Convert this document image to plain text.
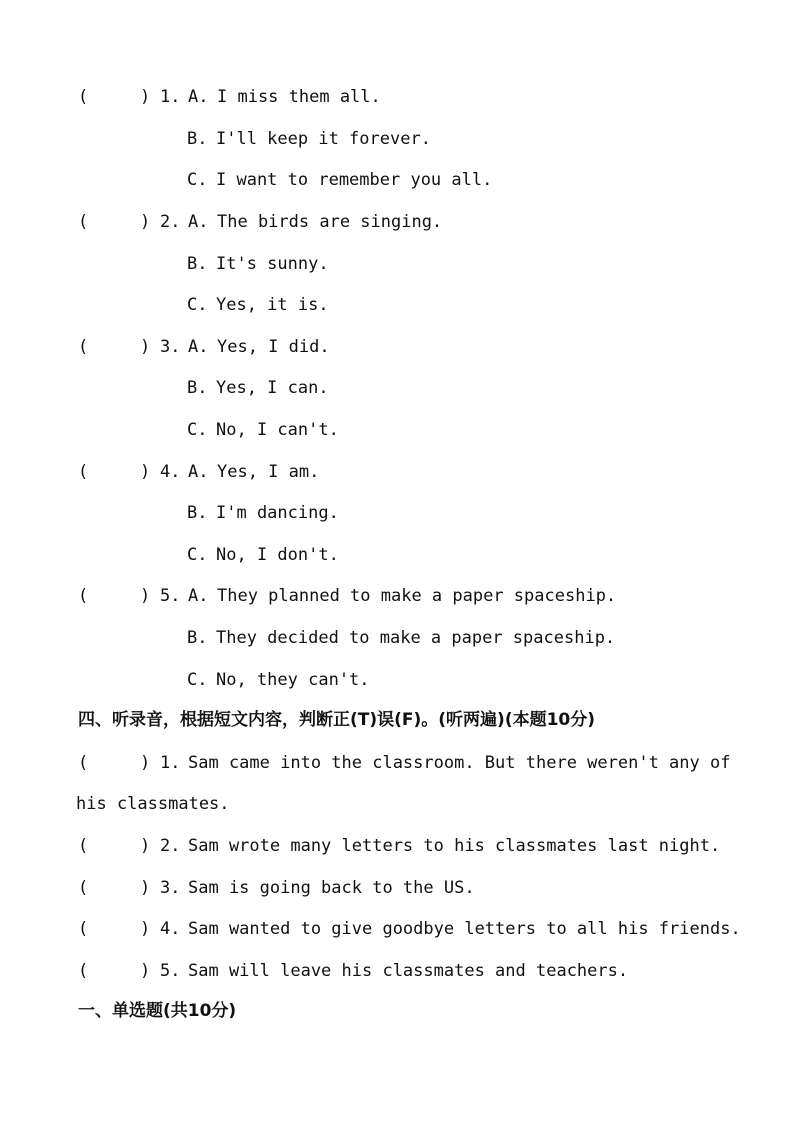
(	) 1. A. I miss them all.
B. I'll keep it forever.
C. I want to remember you all.
(	) 2. A. The birds are singing.
B. It's sunny.
C. Yes, it is.
(	) 3. A. Yes, I did.
B. Yes, I can.
C. No, I can't.
(	) 4. A. Yes, I am.
B. I'm dancing.
C. No, I don't.
(	) 5. A. They planned to make a paper spaceship.
B. They decided to make a paper spaceship.
C. No, they can't.
四、听录音，根据短文内容，判断正(T)误(F)。(听两遍)(本题10分)
(	) 1. Sam came into the classroom. But there weren't any of
his classmates.
(	) 2. Sam wrote many letters to his classmates last night.
(	) 3. Sam is going back to the US.
(	) 4. Sam wanted to give goodbye letters to all his friends.
(	) 5. Sam will leave his classmates and teachers.
一、单选题(共10分)
